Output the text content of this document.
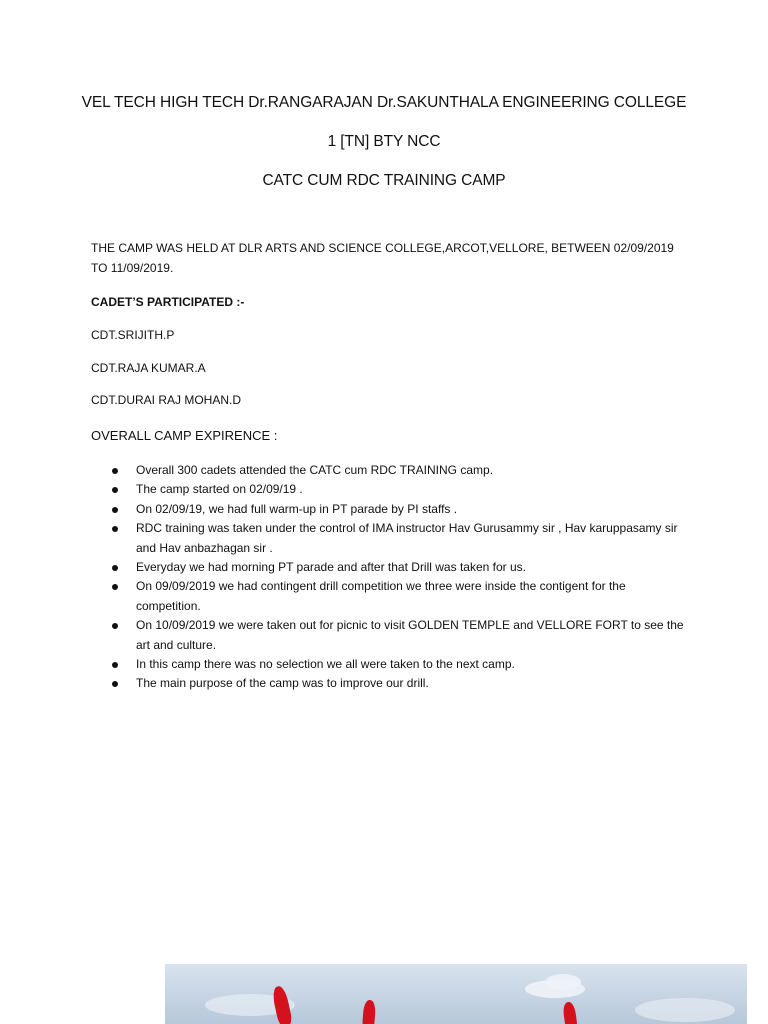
VEL TECH HIGH TECH Dr.RANGARAJAN Dr.SAKUNTHALA ENGINEERING COLLEGE
1 [TN] BTY NCC
CATC CUM RDC TRAINING CAMP

THE CAMP WAS HELD AT DLR ARTS AND SCIENCE COLLEGE,ARCOT,VELLORE, BETWEEN 02/09/2019 TO 11/09/2019.

CADET’S PARTICIPATED :-

CDT.SRIJITH.P

CDT.RAJA KUMAR.A

CDT.DURAI RAJ MOHAN.D

OVERALL CAMP EXPIRENCE :

Overall 300 cadets attended the CATC cum RDC TRAINING camp.
The camp started on 02/09/19 .
On 02/09/19, we had full warm-up in PT parade by PI staffs .
RDC training was taken under the control of IMA instructor Hav Gurusammy sir , Hav karuppasamy sir and Hav anbazhagan sir .
Everyday we had morning PT parade and after that Drill was taken for us.
On 09/09/2019 we had contingent drill competition we three were inside the contigent for the competition.
On 10/09/2019 we were taken out for picnic to visit GOLDEN TEMPLE and VELLORE FORT to see the art and culture.
In this camp there was no selection we all were taken to the next camp.
The main purpose of the camp was to improve our drill.
